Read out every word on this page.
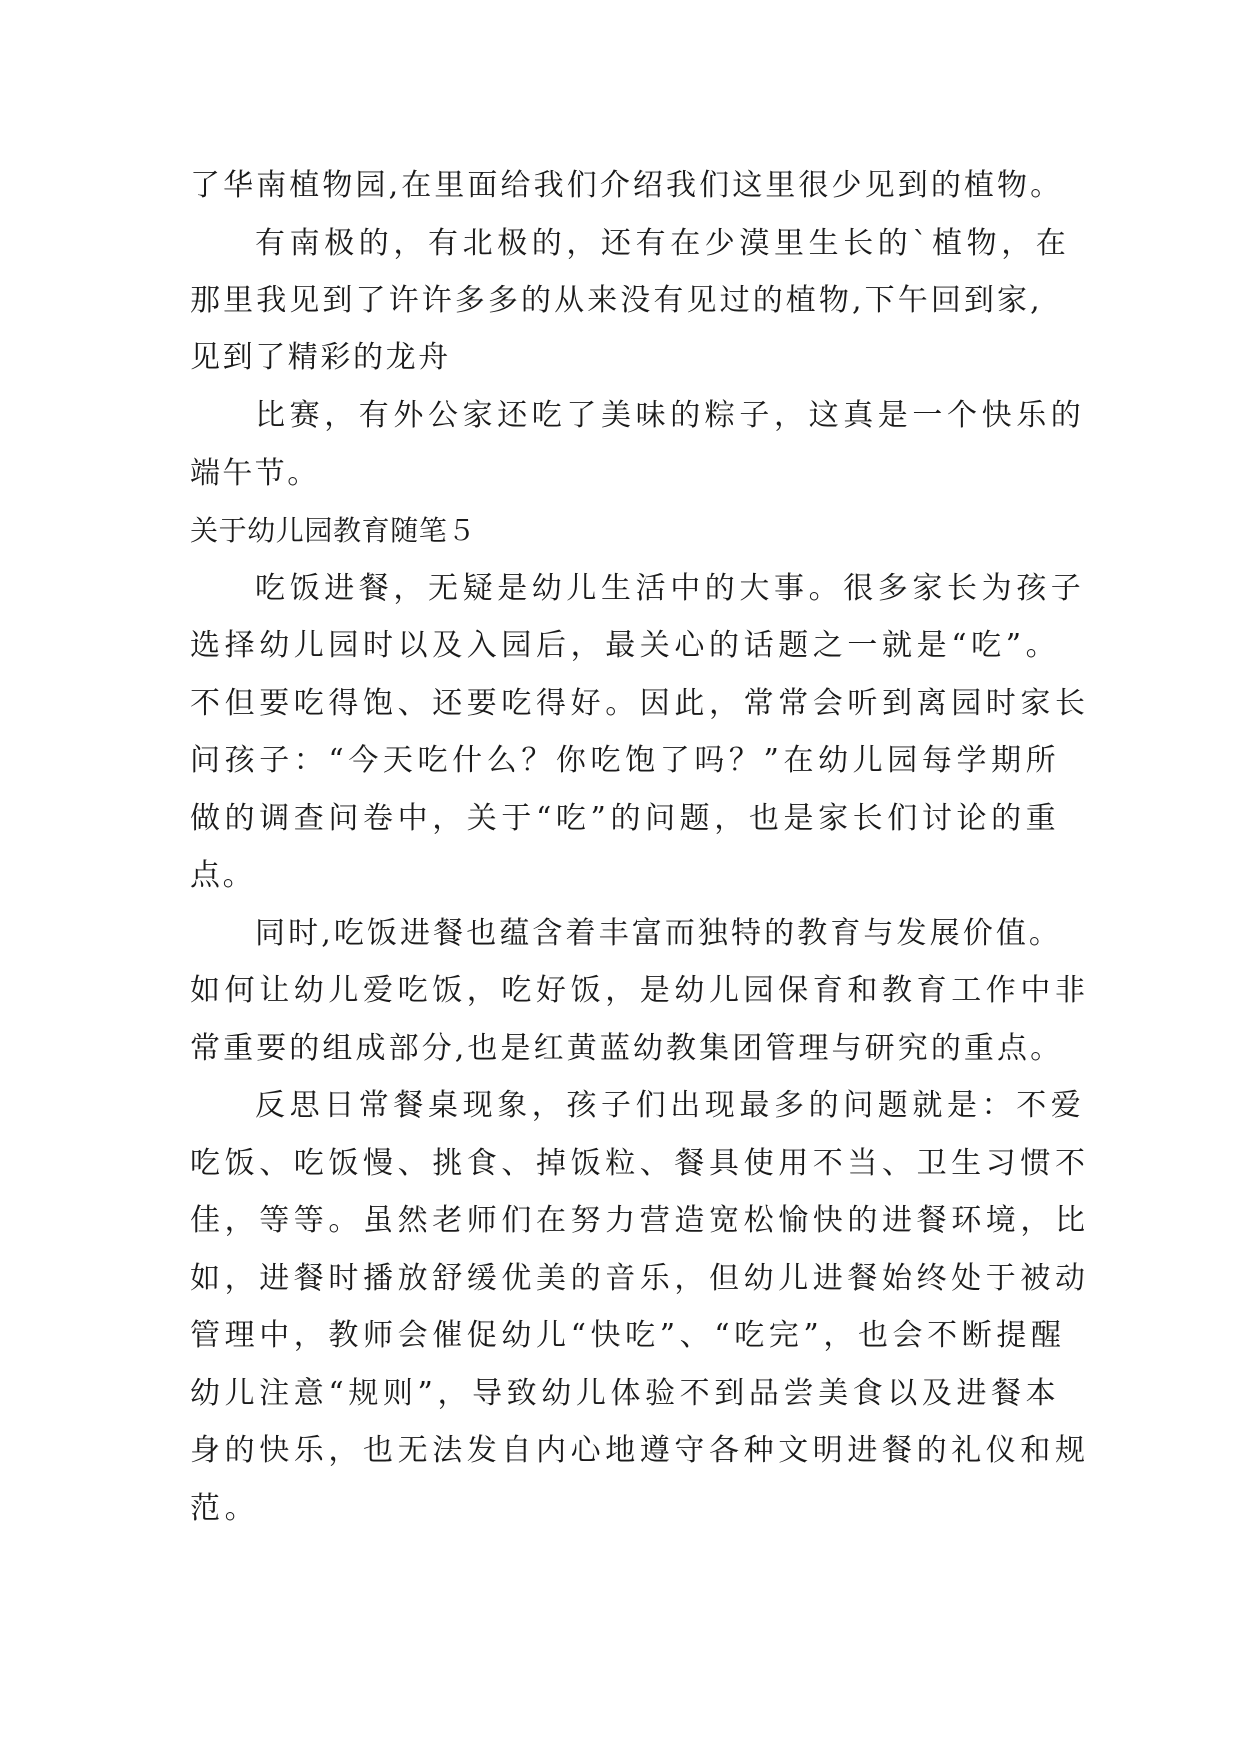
了华南植物园,在里面给我们介绍我们这里很少见到的植物。

有南极的，有北极的，还有在少漠里生长的`植物，在

那里我见到了许许多多的从来没有见过的植物,下午回到家,

见到了精彩的龙舟

比赛，有外公家还吃了美味的粽子，这真是一个快乐的

端午节。

关于幼儿园教育随笔５

吃饭进餐，无疑是幼儿生活中的大事。很多家长为孩子

选择幼儿园时以及入园后，最关心的话题之一就是“吃”。

不但要吃得饱、还要吃得好。因此，常常会听到离园时家长

问孩子：“今天吃什么？你吃饱了吗？”在幼儿园每学期所

做的调查问卷中，关于“吃”的问题，也是家长们讨论的重

点。

同时,吃饭进餐也蕴含着丰富而独特的教育与发展价值。

如何让幼儿爱吃饭，吃好饭，是幼儿园保育和教育工作中非

常重要的组成部分,也是红黄蓝幼教集团管理与研究的重点。

反思日常餐桌现象，孩子们出现最多的问题就是：不爱

吃饭、吃饭慢、挑食、掉饭粒、餐具使用不当、卫生习惯不

佳，等等。虽然老师们在努力营造宽松愉快的进餐环境，比

如，进餐时播放舒缓优美的音乐，但幼儿进餐始终处于被动

管理中，教师会催促幼儿“快吃”、“吃完”，也会不断提醒

幼儿注意“规则”，导致幼儿体验不到品尝美食以及进餐本

身的快乐，也无法发自内心地遵守各种文明进餐的礼仪和规

范。
